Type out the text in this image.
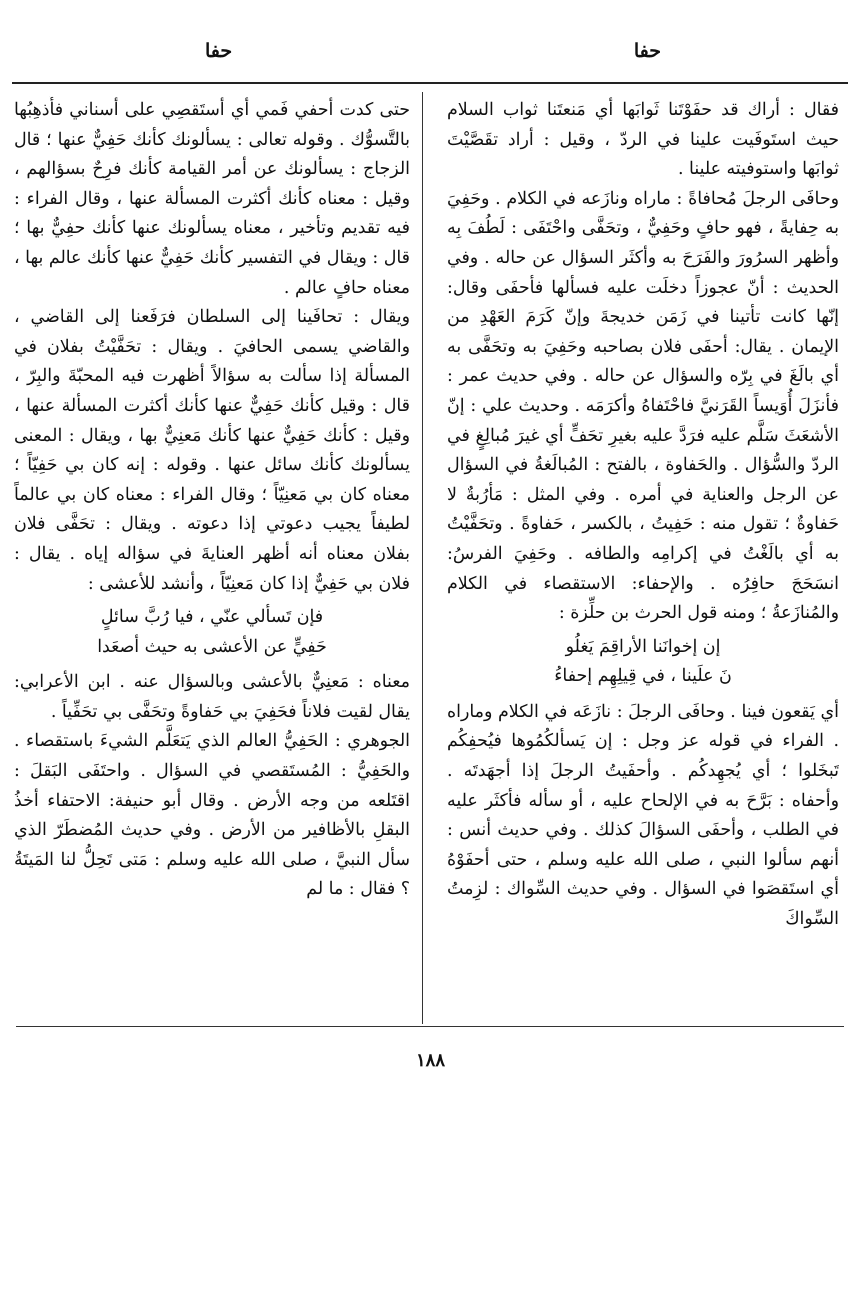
حفا
حفا

فقال : أراك قد حفَوْتَنا ثَوابَها أي مَنعتَنا ثواب السلام حيث استَوفَيت علينا في الردّ ، وقيل : أراد تقَصَّيْتَ ثوابَها واستوفيته علينا .

وحافَى الرجلَ مُحافاةً : ماراه ونازَعه في الكلام . وحَفِيَ به حِفايةً ، فهو حافٍ وحَفِيٌّ ، وتحَفَّى واحْتَفَى : لَطُفَ بِه وأظهر السرُورَ والفَرَحَ به وأكثَر السؤال عن حاله . وفي الحديث : أنّ عجوزاً دخلَت عليه فسألها فأحفَى وقال: إنّها كانت تأتينا في زَمَن خديجةَ وإنّ كَرَمَ العَهْدِ من الإيمان . يقال: أحفَى فلان بصاحبه وحَفِيَ به وتحَفَّى به أي بالَغَ في بِرّه والسؤال عن حاله . وفي حديث عمر : فأنزَلَ أُوَيساً القَرَنيَّ فاحْتَفاهُ وأكرَمَه . وحديث علي : إنّ الأشعَثَ سَلَّم عليه فرَدَّ عليه بغيرِ تحَفٍّ أي غيرَ مُبالِغٍ في الردّ والسُّؤال . والحَفاوة ، بالفتح : المُبالَغةُ في السؤال عن الرجل والعناية في أمره . وفي المثل : مَأرُبةٌ لا حَفاوةٌ ؛ تقول منه : حَفِيتُ ، بالكسر ، حَفاوةً . وتحَفَّيْتُ به أي بالَغْتُ في إكرامِه والطافه . وحَفِيَ الفرسُ: انسَحَجَ حافِرُه . والإحفاء: الاستقصاء في الكلام والمُنازَعةُ ؛ ومنه قول الحرث بن حلِّزة :

إن إخوانَنا الأراقِمَ يَغلُو

نَ علَينا ، في قِيلِهِم إحفاءُ

أي يَقعون فينا . وحافَى الرجلَ : نازَعَه في الكلام وماراه . الفراء في قوله عز وجل : إن يَسألكُمُوها فيُحفِكُم تَبخَلوا ؛ أي يُجهِدكُم . وأحفَيتُ الرجلَ إذا أجهَدتَه . وأحفاه : بَرَّحَ به في الإلحاح عليه ، أو سأله فأكثَر عليه في الطلب ، وأحفَى السؤالَ كذلك . وفي حديث أنس : أنهم سألوا النبي ، صلى الله عليه وسلم ، حتى أحفَوْهُ أي استَقصَوا في السؤال . وفي حديث السِّواك : لزِمتُ السِّواكَ

حتى كدت أحفي فَمي أي أستَقصِي على أسناني فأُذهِبُها بالتَّسوُّك . وقوله تعالى : يسألونك كأنك حَفِيٌّ عنها ؛ قال الزجاج : يسألونك عن أمر القيامة كأنك فرِحٌ بسؤالهم ، وقيل : معناه كأنك أكثرت المسألة عنها ، وقال الفراء : فيه تقديم وتأخير ، معناه يسألونك عنها كأنك حفِيٌّ بها ؛ قال : ويقال في التفسير كأنك حَفِيٌّ عنها كأنك عالم بها ، معناه حافٍ عالم .

ويقال : تحافَينا إلى السلطان فرَفَعنا إلى القاضي ، والقاضي يسمى الحافيَ . ويقال : تحَفَّيْتُ بفلان في المسألة إذا سألت به سؤالاً أظهرت فيه المحبّةَ والبِرّ ، قال : وقيل كأنك حَفِيٌّ عنها كأنك أكثرت المسألة عنها ، وقيل : كأنك حَفِيٌّ عنها كأنك مَعنِيٌّ بها ، ويقال : المعنى يسألونك كأنك سائل عنها . وقوله : إنه كان بي حَفِيّاً ؛ معناه كان بي مَعنِيّاً ؛ وقال الفراء : معناه كان بي عالماً لطيفاً يجيب دعوتي إذا دعوته . ويقال : تحَفَّى فلان بفلان معناه أنه أظهر العنايةَ في سؤاله إياه . يقال : فلان بي حَفِيٌّ إذا كان مَعنِيّاً ، وأنشد للأعشى :

فإن تَسألي عنّي ، فيا رُبَّ سائلٍ

حَفِيٍّ عن الأعشى به حيث أصعَدا

معناه : مَعنِيٌّ بالأعشى وبالسؤال عنه . ابن الأعرابي: يقال لقيت فلاناً فحَفِيَ بي حَفاوةً وتحَفَّى بي تحَفِّياً .

الجوهري : الحَفِيُّ العالم الذي يَتعَلَّم الشيءَ باستقصاء . والحَفِيُّ : المُستَقصي في السؤال . واحتَفَى البَقلَ : اقتَلعه من وجه الأرض . وقال أبو حنيفة: الاحتفاء أخذُ البقلِ بالأظافير من الأرض . وفي حديث المُضطَرّ الذي سأل النبيَّ ، صلى الله عليه وسلم : مَتى تَحِلُّ لنا المَيتَةُ ؟ فقال : ما لم

١٨٨
